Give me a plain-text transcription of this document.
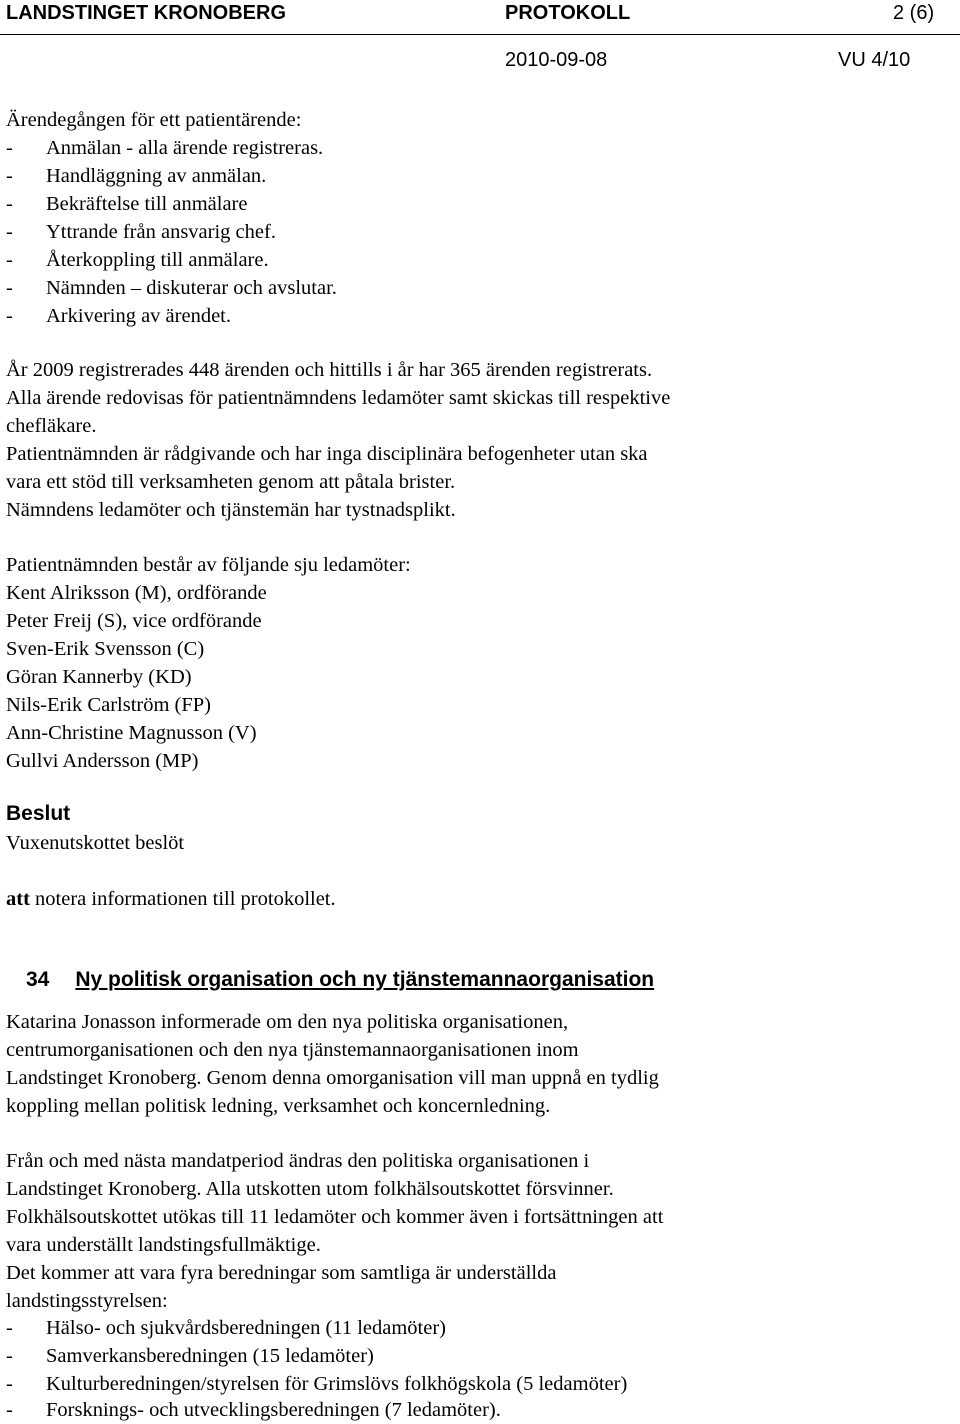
LANDSTINGET KRONOBERG	PROTOKOLL	2 (6)
2010-09-08	VU 4/10
Ärendegången för ett patientärende:
- Anmälan - alla ärende registreras.
- Handläggning av anmälan.
- Bekräftelse till anmälare
- Yttrande från ansvarig chef.
- Återkoppling till anmälare.
- Nämnden – diskuterar och avslutar.
- Arkivering av ärendet.
År 2009 registrerades 448 ärenden och hittills i år har 365 ärenden registrerats.
Alla ärende redovisas för patientnämndens ledamöter samt skickas till respektive
chefläkare.
Patientnämnden är rådgivande och har inga disciplinära befogenheter utan ska
vara ett stöd till verksamheten genom att påtala brister.
Nämndens ledamöter och tjänstemän har tystnadsplikt.
Patientnämnden består av följande sju ledamöter:
Kent Alriksson (M), ordförande
Peter Freij (S), vice ordförande
Sven-Erik Svensson (C)
Göran Kannerby (KD)
Nils-Erik Carlström (FP)
Ann-Christine Magnusson (V)
Gullvi Andersson (MP)
Beslut
Vuxenutskottet beslöt
att notera informationen till protokollet.
34 Ny politisk organisation och ny tjänstemannaorganisation
Katarina Jonasson informerade om den nya politiska organisationen,
centrumorganisationen och den nya tjänstemannaorganisationen inom
Landstinget Kronoberg. Genom denna omorganisation vill man uppnå en tydlig
koppling mellan politisk ledning, verksamhet och koncernledning.
Från och med nästa mandatperiod ändras den politiska organisationen i
Landstinget Kronoberg. Alla utskotten utom folkhälsoutskottet försvinner.
Folkhälsoutskottet utökas till 11 ledamöter och kommer även i fortsättningen att
vara underställt landstingsfullmäktige.
Det kommer att vara fyra beredningar som samtliga är underställda
landstingsstyrelsen:
- Hälso- och sjukvårdsberedningen (11 ledamöter)
- Samverkansberedningen (15 ledamöter)
- Kulturberedningen/styrelsen för Grimslövs folkhögskola (5 ledamöter)
- Forsknings- och utvecklingsberedningen (7 ledamöter).
